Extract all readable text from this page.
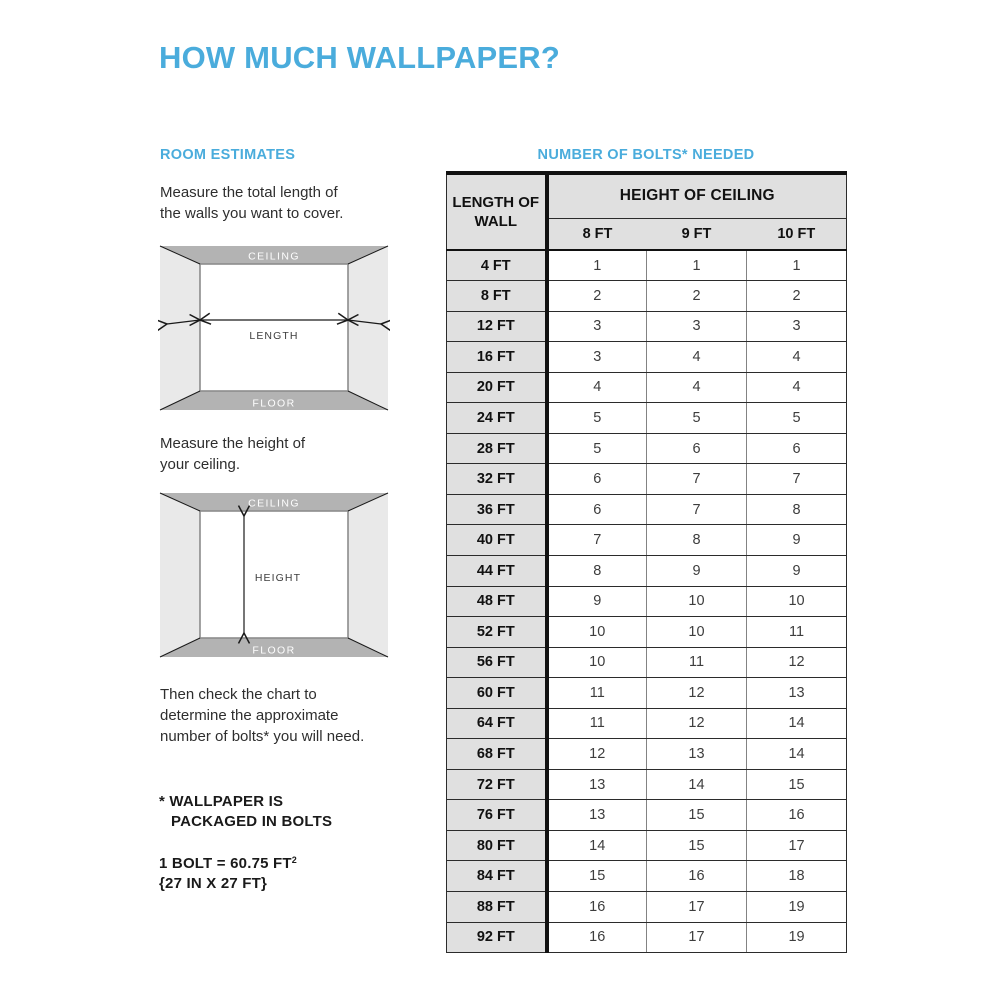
HOW MUCH WALLPAPER?
ROOM ESTIMATES

Measure the total length of
the walls you want to cover.

CEILING
FLOOR
LENGTH

Measure the height of
your ceiling.

CEILING
FLOOR
HEIGHT

Then check the chart to
determine the approximate
number of bolts* you will need.

* WALLPAPER IS
PACKAGED IN BOLTS
1 BOLT = 60.75 $FT^2$
{27 IN X 27 FT}
NUMBER OF BOLTS* NEEDED
LENGTH OF WALL	HEIGHT OF CEILING		
	8 FT	9 FT	10 FT
4 FT	1	1	1
8 FT	2	2	2
12 FT	3	3	3
16 FT	3	4	4
20 FT	4	4	4
24 FT	5	5	5
28 FT	5	6	6
32 FT	6	7	7
36 FT	6	7	8
40 FT	7	8	9
44 FT	8	9	9
48 FT	9	10	10
52 FT	10	10	11
56 FT	10	11	12
60 FT	11	12	13
64 FT	11	12	14
68 FT	12	13	14
72 FT	13	14	15
76 FT	13	15	16
80 FT	14	15	17
84 FT	15	16	18
88 FT	16	17	19
92 FT	16	17	19
